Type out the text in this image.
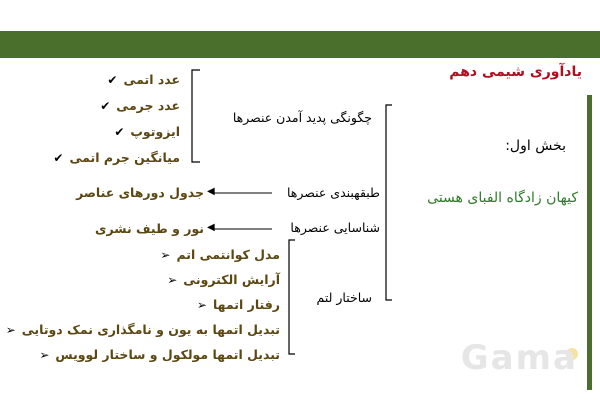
یادآوری شیمی دهم
بخش اول:
کیهان زادگاه الفبای هستی
◀
◀
چگونگی پدید آمدن عنصرها
طبقهبندی عنصرها
شناسایی عنصرها
ساختار لتم
جدول دورهای عناصر
نور و طیف نشری
✔ عدد اتمی
✔ عدد جرمی
✔ ایزوتوپ
✔ میانگین جرم اتمی
➢ مدل کوانتمی اتم
➢ آرایش الکترونی
➢ رفتار اتمها
➢ تبدیل اتمها به یون و نامگذاری نمک دوتایی
➢ تبدیل اتمها مولکول و ساختار لوویس	Gama
